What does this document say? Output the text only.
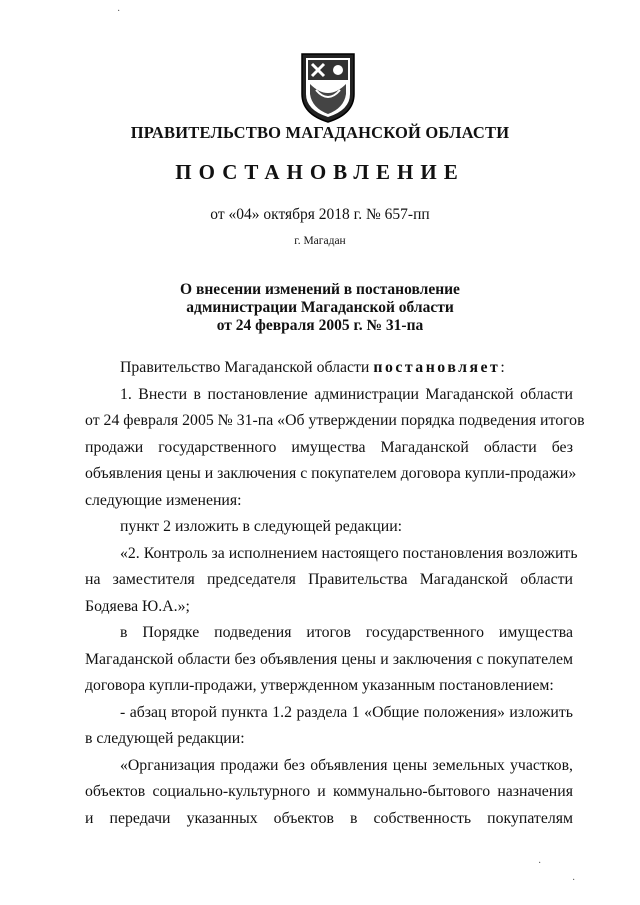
ПРАВИТЕЛЬСТВО МАГАДАНСКОЙ ОБЛАСТИ
ПОСТАНОВЛЕНИЕ
от «04» октября 2018 г. № 657-пп
г. Магадан
О внесении изменений в постановление
администрации Магаданской области
от 24 февраля 2005 г. № 31-па
Правительство Магаданской области постановляет:
1. Внести в постановление администрации Магаданской области
от 24 февраля 2005 № 31-па «Об утверждении порядка подведения итогов
продажи государственного имущества Магаданской области без
объявления цены и заключения с покупателем договора купли-продажи»
следующие изменения:
пункт 2 изложить в следующей редакции:
«2. Контроль за исполнением настоящего постановления возложить
на заместителя председателя Правительства Магаданской области
Бодяева Ю.А.»;
в Порядке подведения итогов государственного имущества
Магаданской области без объявления цены и заключения с покупателем
договора купли-продажи, утвержденном указанным постановлением:
- абзац второй пункта 1.2 раздела 1 «Общие положения» изложить
в следующей редакции:
«Организация продажи без объявления цены земельных участков,
объектов социально-культурного и коммунально-бытового назначения
и передачи указанных объектов в собственность покупателям
·
·
·
